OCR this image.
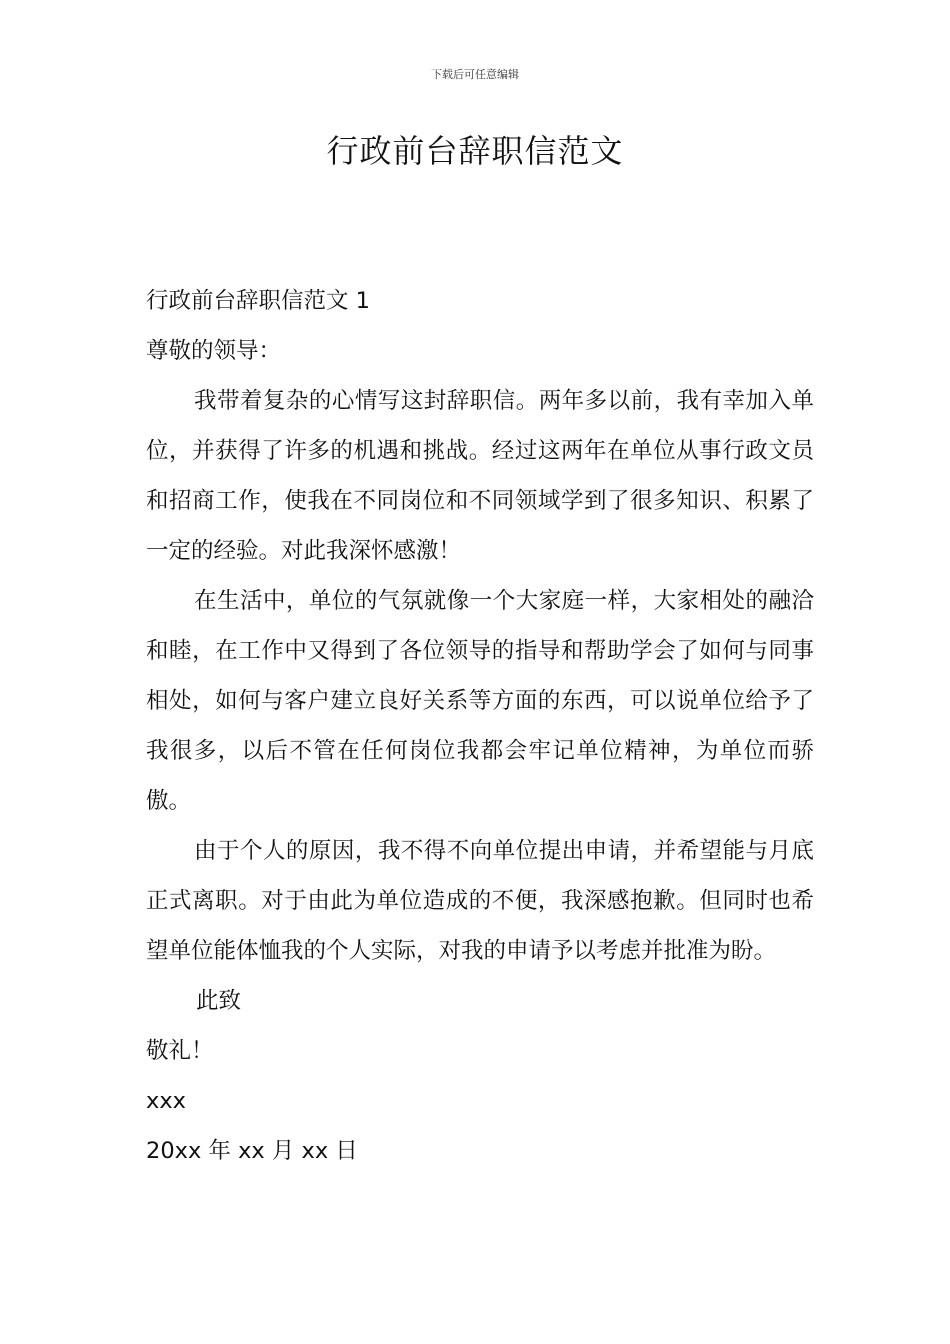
下载后可任意编辑
行政前台辞职信范文
行政前台辞职信范文 1
尊敬的领导：

我带着复杂的心情写这封辞职信。两年多以前，我有幸加入单位，并获得了许多的机遇和挑战。经过这两年在单位从事行政文员和招商工作，使我在不同岗位和不同领域学到了很多知识、积累了一定的经验。对此我深怀感激！

在生活中，单位的气氛就像一个大家庭一样，大家相处的融洽和睦，在工作中又得到了各位领导的指导和帮助学会了如何与同事相处，如何与客户建立良好关系等方面的东西，可以说单位给予了我很多，以后不管在任何岗位我都会牢记单位精神，为单位而骄傲。

由于个人的原因，我不得不向单位提出申请，并希望能与月底正式离职。对于由此为单位造成的不便，我深感抱歉。但同时也希望单位能体恤我的个人实际，对我的申请予以考虑并批准为盼。

此致
敬礼！
xxx
20xx 年 xx 月 xx 日
